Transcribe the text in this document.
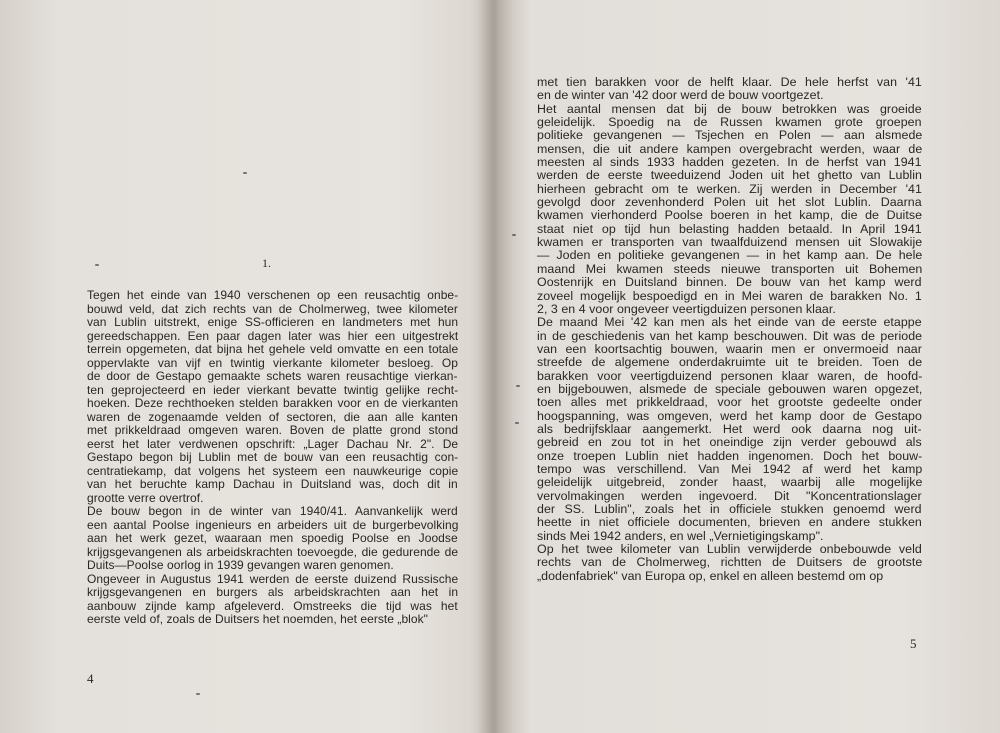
1.
Tegen het einde van 1940 verschenen op een reusachtig onbe-
bouwd veld, dat zich rechts van de Cholmerweg, twee kilometer
van Lublin uitstrekt, enige SS-officieren en landmeters met hun
gereedschappen. Een paar dagen later was hier een uitgestrekt
terrein opgemeten, dat bijna het gehele veld omvatte en een totale
oppervlakte van vijf en twintig vierkante kilometer besloeg. Op
de door de Gestapo gemaakte schets waren reusachtige vierkan-
ten geprojecteerd en ieder vierkant bevatte twintig gelijke recht-
hoeken. Deze rechthoeken stelden barakken voor en de vierkanten
waren de zogenaamde velden of sectoren, die aan alle kanten
met prikkeldraad omgeven waren. Boven de platte grond stond
eerst het later verdwenen opschrift: „Lager Dachau Nr. 2". De
Gestapo begon bij Lublin met de bouw van een reusachtig con-
centratiekamp, dat volgens het systeem een nauwkeurige copie
van het beruchte kamp Dachau in Duitsland was, doch dit in
grootte verre overtrof.
De bouw begon in de winter van 1940/41. Aanvankelijk werd
een aantal Poolse ingenieurs en arbeiders uit de burgerbevolking
aan het werk gezet, waaraan men spoedig Poolse en Joodse
krijgsgevangenen als arbeidskrachten toevoegde, die gedurende de
Duits—Poolse oorlog in 1939 gevangen waren genomen.
Ongeveer in Augustus 1941 werden de eerste duizend Russische
krijgsgevangenen en burgers als arbeidskrachten aan het in
aanbouw zijnde kamp afgeleverd. Omstreeks die tijd was het
eerste veld of, zoals de Duitsers het noemden, het eerste „blok"
4
met tien barakken voor de helft klaar. De hele herfst van '41
en de winter van '42 door werd de bouw voortgezet.
Het aantal mensen dat bij de bouw betrokken was groeide
geleidelijk. Spoedig na de Russen kwamen grote groepen
politieke gevangenen — Tsjechen en Polen — aan alsmede
mensen, die uit andere kampen overgebracht werden, waar de
meesten al sinds 1933 hadden gezeten. In de herfst van 1941
werden de eerste tweeduizend Joden uit het ghetto van Lublin
hierheen gebracht om te werken. Zij werden in December '41
gevolgd door zevenhonderd Polen uit het slot Lublin. Daarna
kwamen vierhonderd Poolse boeren in het kamp, die de Duitse
staat niet op tijd hun belasting hadden betaald. In April 1941
kwamen er transporten van twaalfduizend mensen uit Slowakije
— Joden en politieke gevangenen — in het kamp aan. De hele
maand Mei kwamen steeds nieuwe transporten uit Bohemen
Oostenrijk en Duitsland binnen. De bouw van het kamp werd
zoveel mogelijk bespoedigd en in Mei waren de barakken No. 1
2, 3 en 4 voor ongeveer veertigduizen personen klaar.
De maand Mei '42 kan men als het einde van de eerste etappe
in de geschiedenis van het kamp beschouwen. Dit was de periode
van een koortsachtig bouwen, waarin men er onvermoeid naar
streefde de algemene onderdakruimte uit te breiden. Toen de
barakken voor veertigduizend personen klaar waren, de hoofd-
en bijgebouwen, alsmede de speciale gebouwen waren opgezet,
toen alles met prikkeldraad, voor het grootste gedeelte onder
hoogspanning, was omgeven, werd het kamp door de Gestapo
als bedrijfsklaar aangemerkt. Het werd ook daarna nog uit-
gebreid en zou tot in het oneindige zijn verder gebouwd als
onze troepen Lublin niet hadden ingenomen. Doch het bouw-
tempo was verschillend. Van Mei 1942 af werd het kamp
geleidelijk uitgebreid, zonder haast, waarbij alle mogelijke
vervolmakingen werden ingevoerd. Dit "Koncentrationslager
der SS. Lublin", zoals het in officiele stukken genoemd werd
heette in niet officiele documenten, brieven en andere stukken
sinds Mei 1942 anders, en wel „Vernietigingskamp".
Op het twee kilometer van Lublin verwijderde onbebouwde veld
rechts van de Cholmerweg, richtten de Duitsers de grootste
„dodenfabriek" van Europa op, enkel en alleen bestemd om op
5
